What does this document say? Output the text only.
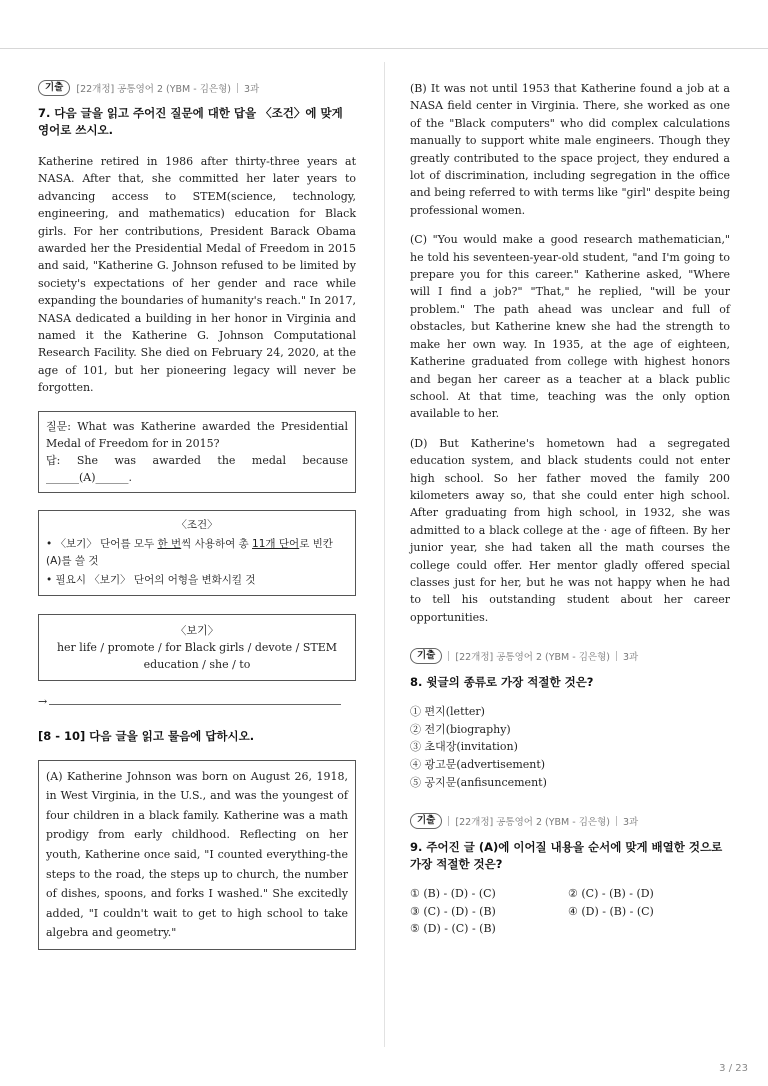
기출	[22개정] 공통영어 2 (YBM - 김은형) 3과

7. 다음 글을 읽고 주어진 질문에 대한 답을 〈조건〉에 맞게 영어로 쓰시오.

Katherine retired in 1986 after thirty-three years at NASA. After that, she committed her later years to advancing access to STEM(science, technology, engineering, and mathematics) education for Black girls. For her contributions, President Barack Obama awarded her the Presidential Medal of Freedom in 2015 and said, "Katherine G. Johnson refused to be limited by society's expectations of her gender and race while expanding the boundaries of humanity's reach." In 2017, NASA dedicated a building in her honor in Virginia and named it the Katherine G. Johnson Computational Research Facility. She died on February 24, 2020, at the age of 101, but her pioneering legacy will never be forgotten.

질문: What was Katherine awarded the Presidential Medal of Freedom for in 2015?
답: She was awarded the medal because ______(A)______.
〈조건〉
• 〈보기〉 단어를 모두 한 번씩 사용하여 총 11개 단어로 빈칸 (A)를 쓸 것
• 필요시 〈보기〉 단어의 어형을 변화시킬 것
〈보기〉
her life / promote / for Black girls / devote / STEM education / she / to
→
[8 - 10] 다음 글을 읽고 물음에 답하시오.
(A) Katherine Johnson was born on August 26, 1918, in West Virginia, in the U.S., and was the youngest of four children in a black family. Katherine was a math prodigy from early childhood. Reflecting on her youth, Katherine once said, "I counted everything-the steps to the road, the steps up to church, the number of dishes, spoons, and forks I washed." She excitedly added, "I couldn't wait to get to high school to take algebra and geometry."

(B) It was not until 1953 that Katherine found a job at a NASA field center in Virginia. There, she worked as one of the "Black computers" who did complex calculations manually to support white male engineers. Though they greatly contributed to the space project, they endured a lot of discrimination, including segregation in the office and being referred to with terms like "girl" despite being professional women.

(C) "You would make a good research mathematician," he told his seventeen-year-old student, "and I'm going to prepare you for this career." Katherine asked, "Where will I find a job?" "That," he replied, "will be your problem." The path ahead was unclear and full of obstacles, but Katherine knew she had the strength to make her own way. In 1935, at the age of eighteen, Katherine graduated from college with highest honors and began her career as a teacher at a black public school. At that time, teaching was the only option available to her.

(D) But Katherine's hometown had a segregated education system, and black students could not enter high school. So her father moved the family 200 kilometers away so, that she could enter high school. After graduating from high school, in 1932, she was admitted to a black college at the · age of fifteen. By her junior year, she had taken all the math courses the college could offer. Her mentor gladly offered special classes just for her, but he was not happy when he had to tell his outstanding student about her career opportunities.

기출	[22개정] 공통영어 2 (YBM - 김은형) 3과

8. 윗글의 종류로 가장 적절한 것은?

① 편지(letter)
② 전기(biography)
③ 초대장(invitation)
④ 광고문(advertisement)
⑤ 공지문(anfisuncement)
기출	[22개정] 공통영어 2 (YBM - 김은형) 3과

9. 주어진 글 (A)에 이어질 내용을 순서에 맞게 배열한 것으로 가장 적절한 것은?

① (B) - (D) - (C)	② (C) - (B) - (D)
③ (C) - (D) - (B)	④ (D) - (B) - (C)
⑤ (D) - (C) - (B)
3 / 23
